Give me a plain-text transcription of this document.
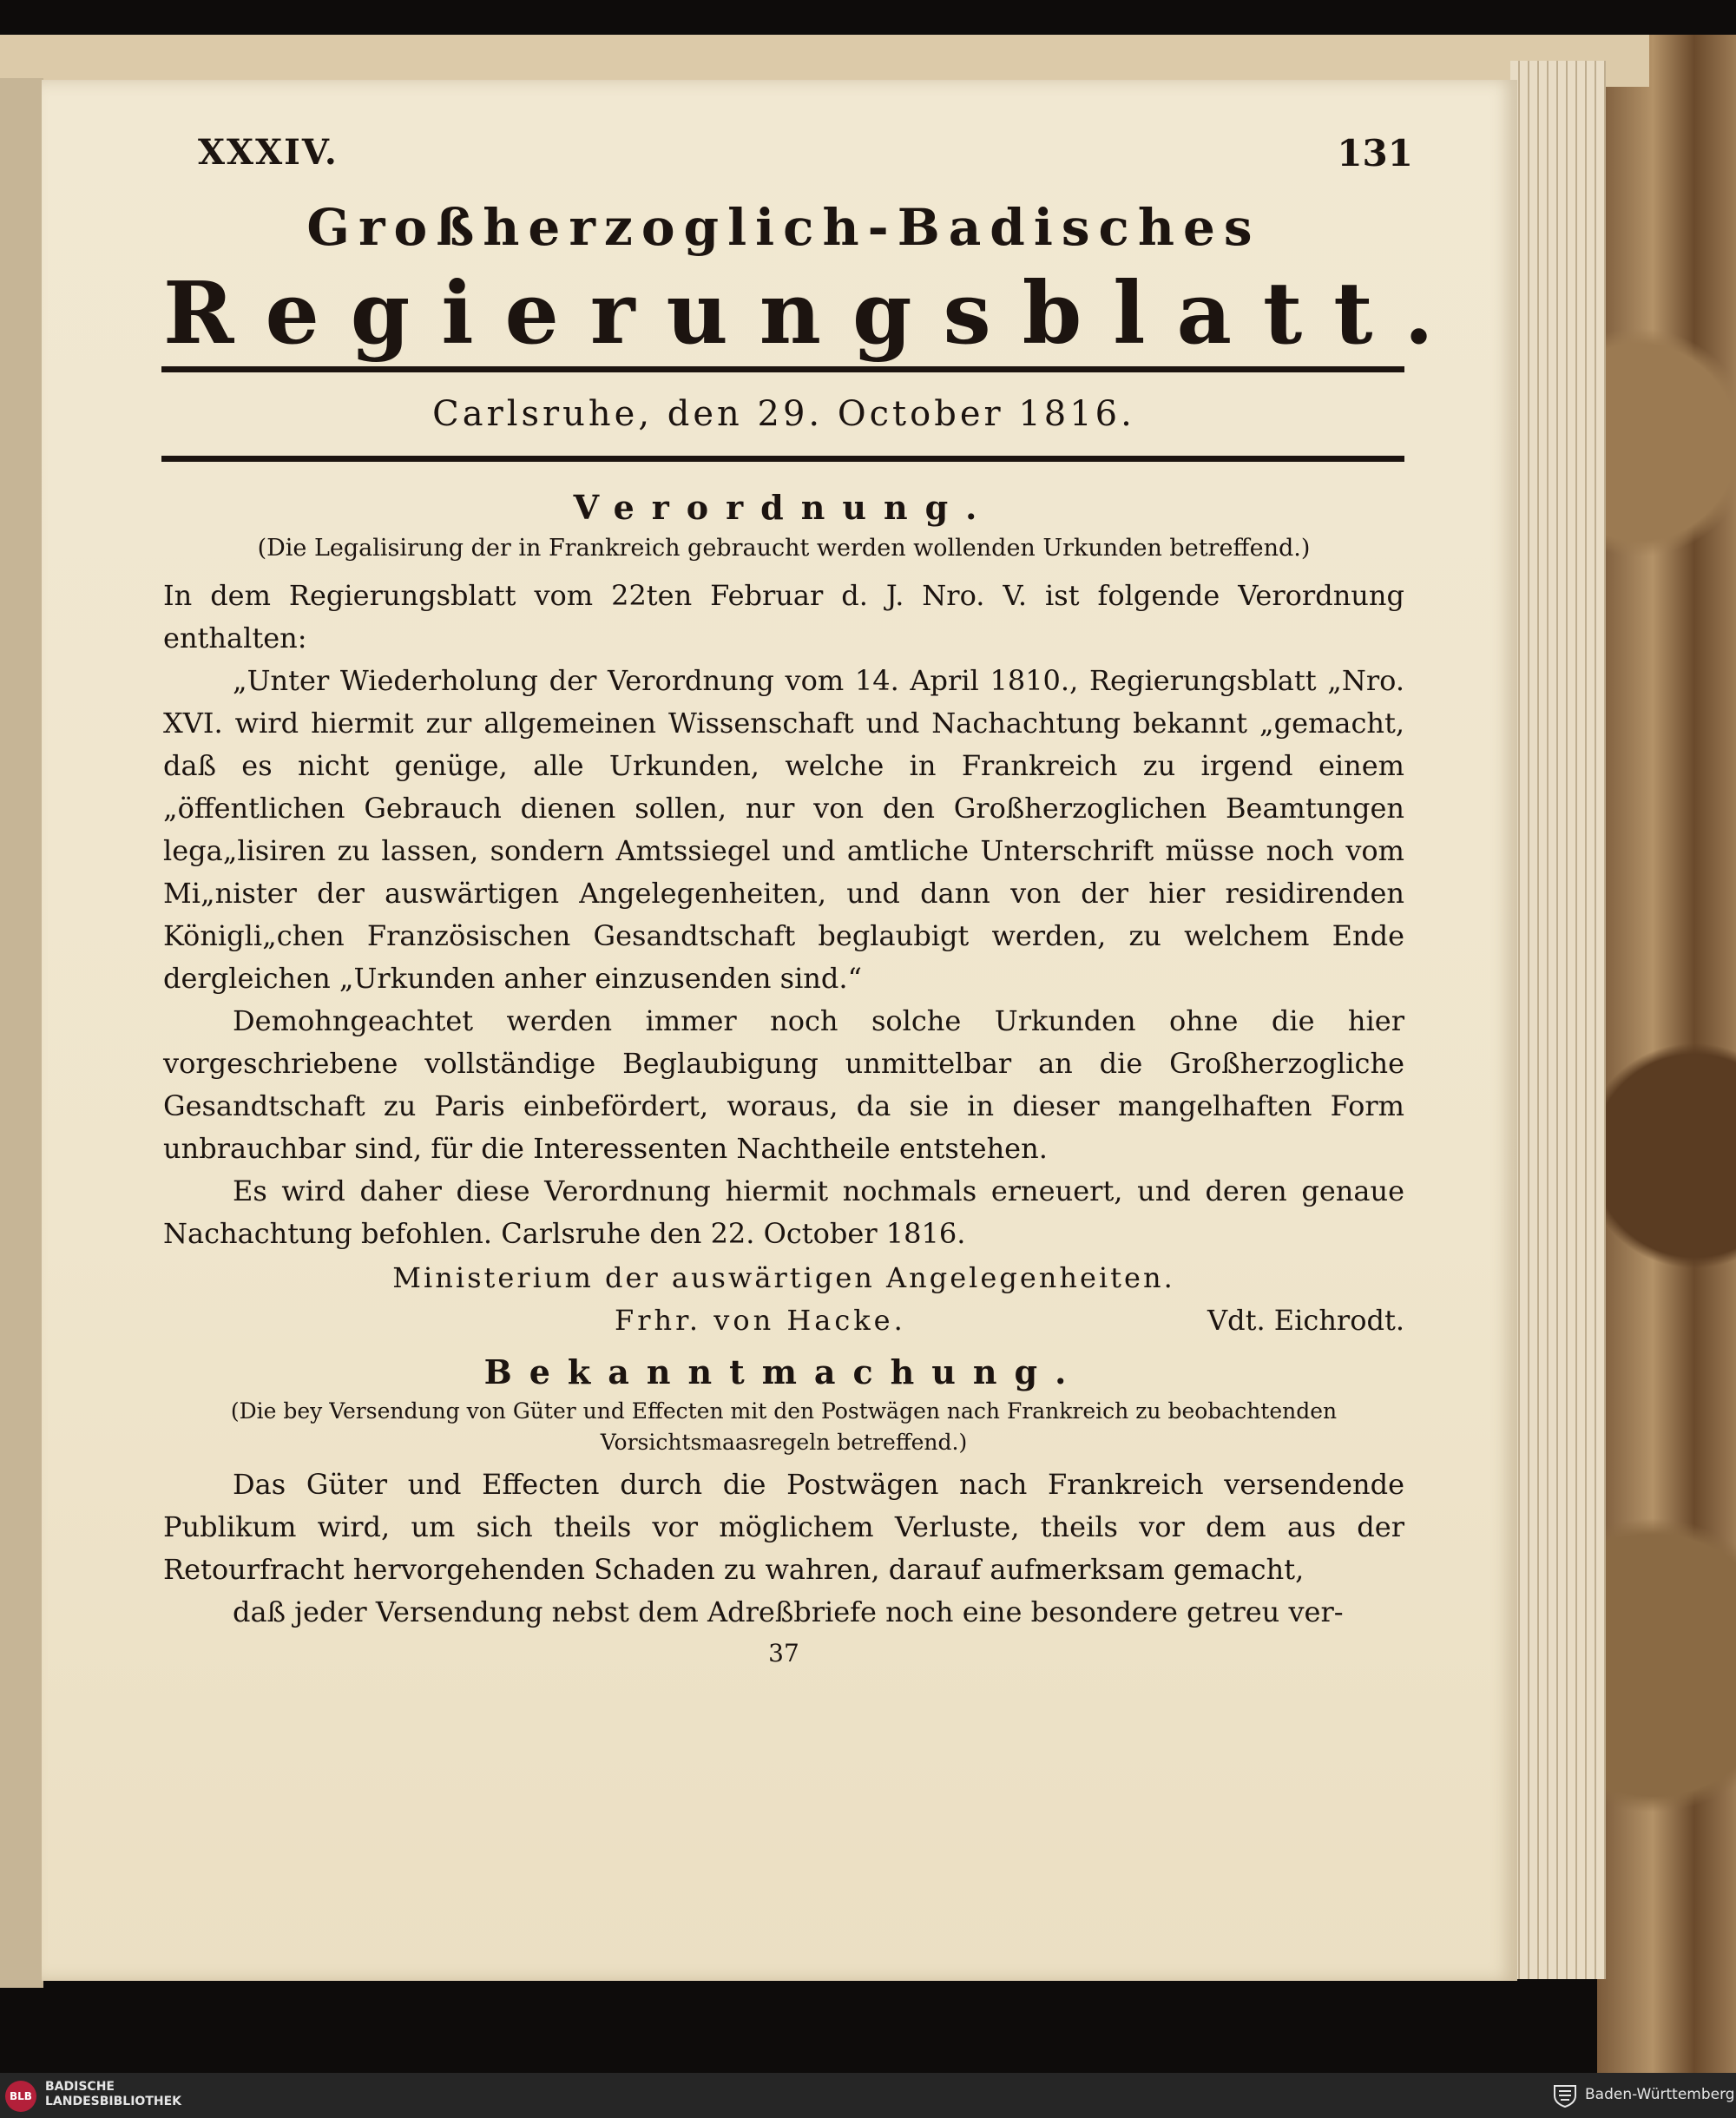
XXXIV.	131
Großherzoglich-Badisches
Regierungsblatt.
Carlsruhe, den 29. October 1816.
Verordnung.
(Die Legalisirung der in Frankreich gebraucht werden wollenden Urkunden betreffend.)
In dem Regierungsblatt vom 22ten Februar d. J. Nro. V. ist folgende Verordnung enthalten:
„Unter Wiederholung der Verordnung vom 14. April 1810., Regierungsblatt „Nro. XVI. wird hiermit zur allgemeinen Wissenschaft und Nachachtung bekannt „gemacht, daß es nicht genüge, alle Urkunden, welche in Frankreich zu irgend einem „öffentlichen Gebrauch dienen sollen, nur von den Großherzoglichen Beamtungen lega„lisiren zu lassen, sondern Amtssiegel und amtliche Unterschrift müsse noch vom Mi„nister der auswärtigen Angelegenheiten, und dann von der hier residirenden Königli„chen Französischen Gesandtschaft beglaubigt werden, zu welchem Ende dergleichen „Urkunden anher einzusenden sind.“
Demohngeachtet werden immer noch solche Urkunden ohne die hier vorgeschriebene vollständige Beglaubigung unmittelbar an die Großherzogliche Gesandtschaft zu Paris einbefördert, woraus, da sie in dieser mangelhaften Form unbrauchbar sind, für die Interessenten Nachtheile entstehen.
Es wird daher diese Verordnung hiermit nochmals erneuert, und deren genaue Nachachtung befohlen. Carlsruhe den 22. October 1816.
Ministerium der auswärtigen Angelegenheiten.
Frhr. von Hacke.	Vdt. Eichrodt.
Bekanntmachung.
(Die bey Versendung von Güter und Effecten mit den Postwägen nach Frankreich zu beobachtenden
Vorsichtsmaasregeln betreffend.)
Das Güter und Effecten durch die Postwägen nach Frankreich versendende Publikum wird, um sich theils vor möglichem Verluste, theils vor dem aus der Retourfracht hervorgehenden Schaden zu wahren, darauf aufmerksam gemacht,
daß jeder Versendung nebst dem Adreßbriefe noch eine besondere getreu ver-
37
BLB
BADISCHE
LANDESBIBLIOTHEK	Baden-Württemberg
